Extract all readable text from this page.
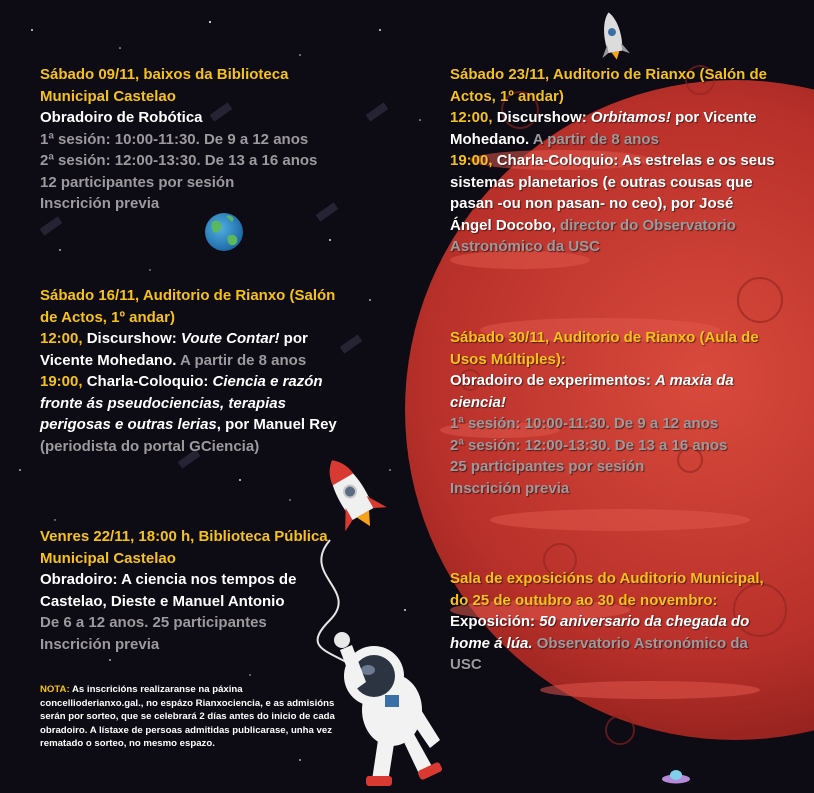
Sábado 09/11, baixos da Biblioteca Municipal Castelao

Obradoiro de Robótica

1ª sesión: 10:00-11:30. De 9 a 12 anos

2ª sesión: 12:00-13:30. De 13 a 16 anos

12 participantes por sesión

Inscrición previa

Sábado 16/11, Auditorio de Rianxo (Salón de Actos, 1º andar)

12:00, Discurshow: Voute Contar! por Vicente Mohedano. A partir de 8 anos

19:00, Charla-Coloquio: Ciencia e razón fronte ás pseudociencias, terapias perigosas e outras lerias, por Manuel Rey (periodista do portal GCiencia)

Venres 22/11, 18:00 h, Biblioteca Pública Municipal Castelao

Obradoiro: A ciencia nos tempos de Castelao, Dieste e Manuel Antonio

De 6 a 12 anos. 25 participantes

Inscrición previa

NOTA: As inscricións realizaranse na páxina concellioderianxo.gal., no espazo Rianxociencia, e as admisións serán por sorteo, que se celebrará 2 días antes do inicio de cada obradoiro. A lístaxe de persoas admitidas publicarase, unha vez rematado o sorteo, no mesmo espazo.

Sábado 23/11, Auditorio de Rianxo (Salón de Actos, 1º andar)

12:00, Discurshow: Orbitamos! por Vicente Mohedano. A partir de 8 anos

19:00, Charla-Coloquio: As estrelas e os seus sistemas planetarios (e outras cousas que pasan -ou non pasan- no ceo), por José Ángel Docobo, director do Observatorio Astronómico da USC

Sábado 30/11, Auditorio de Rianxo (Aula de Usos Múltiples):

Obradoiro de experimentos: A maxia da ciencia!

1ª sesión: 10:00-11:30. De 9 a 12 anos

2ª sesión: 12:00-13:30. De 13 a 16 anos

25 participantes por sesión

Inscrición previa

Sala de exposicións do Auditorio Municipal, do 25 de outubro ao 30 de novembro:

Exposición: 50 aniversario da chegada do home á lúa. Observatorio Astronómico da USC
